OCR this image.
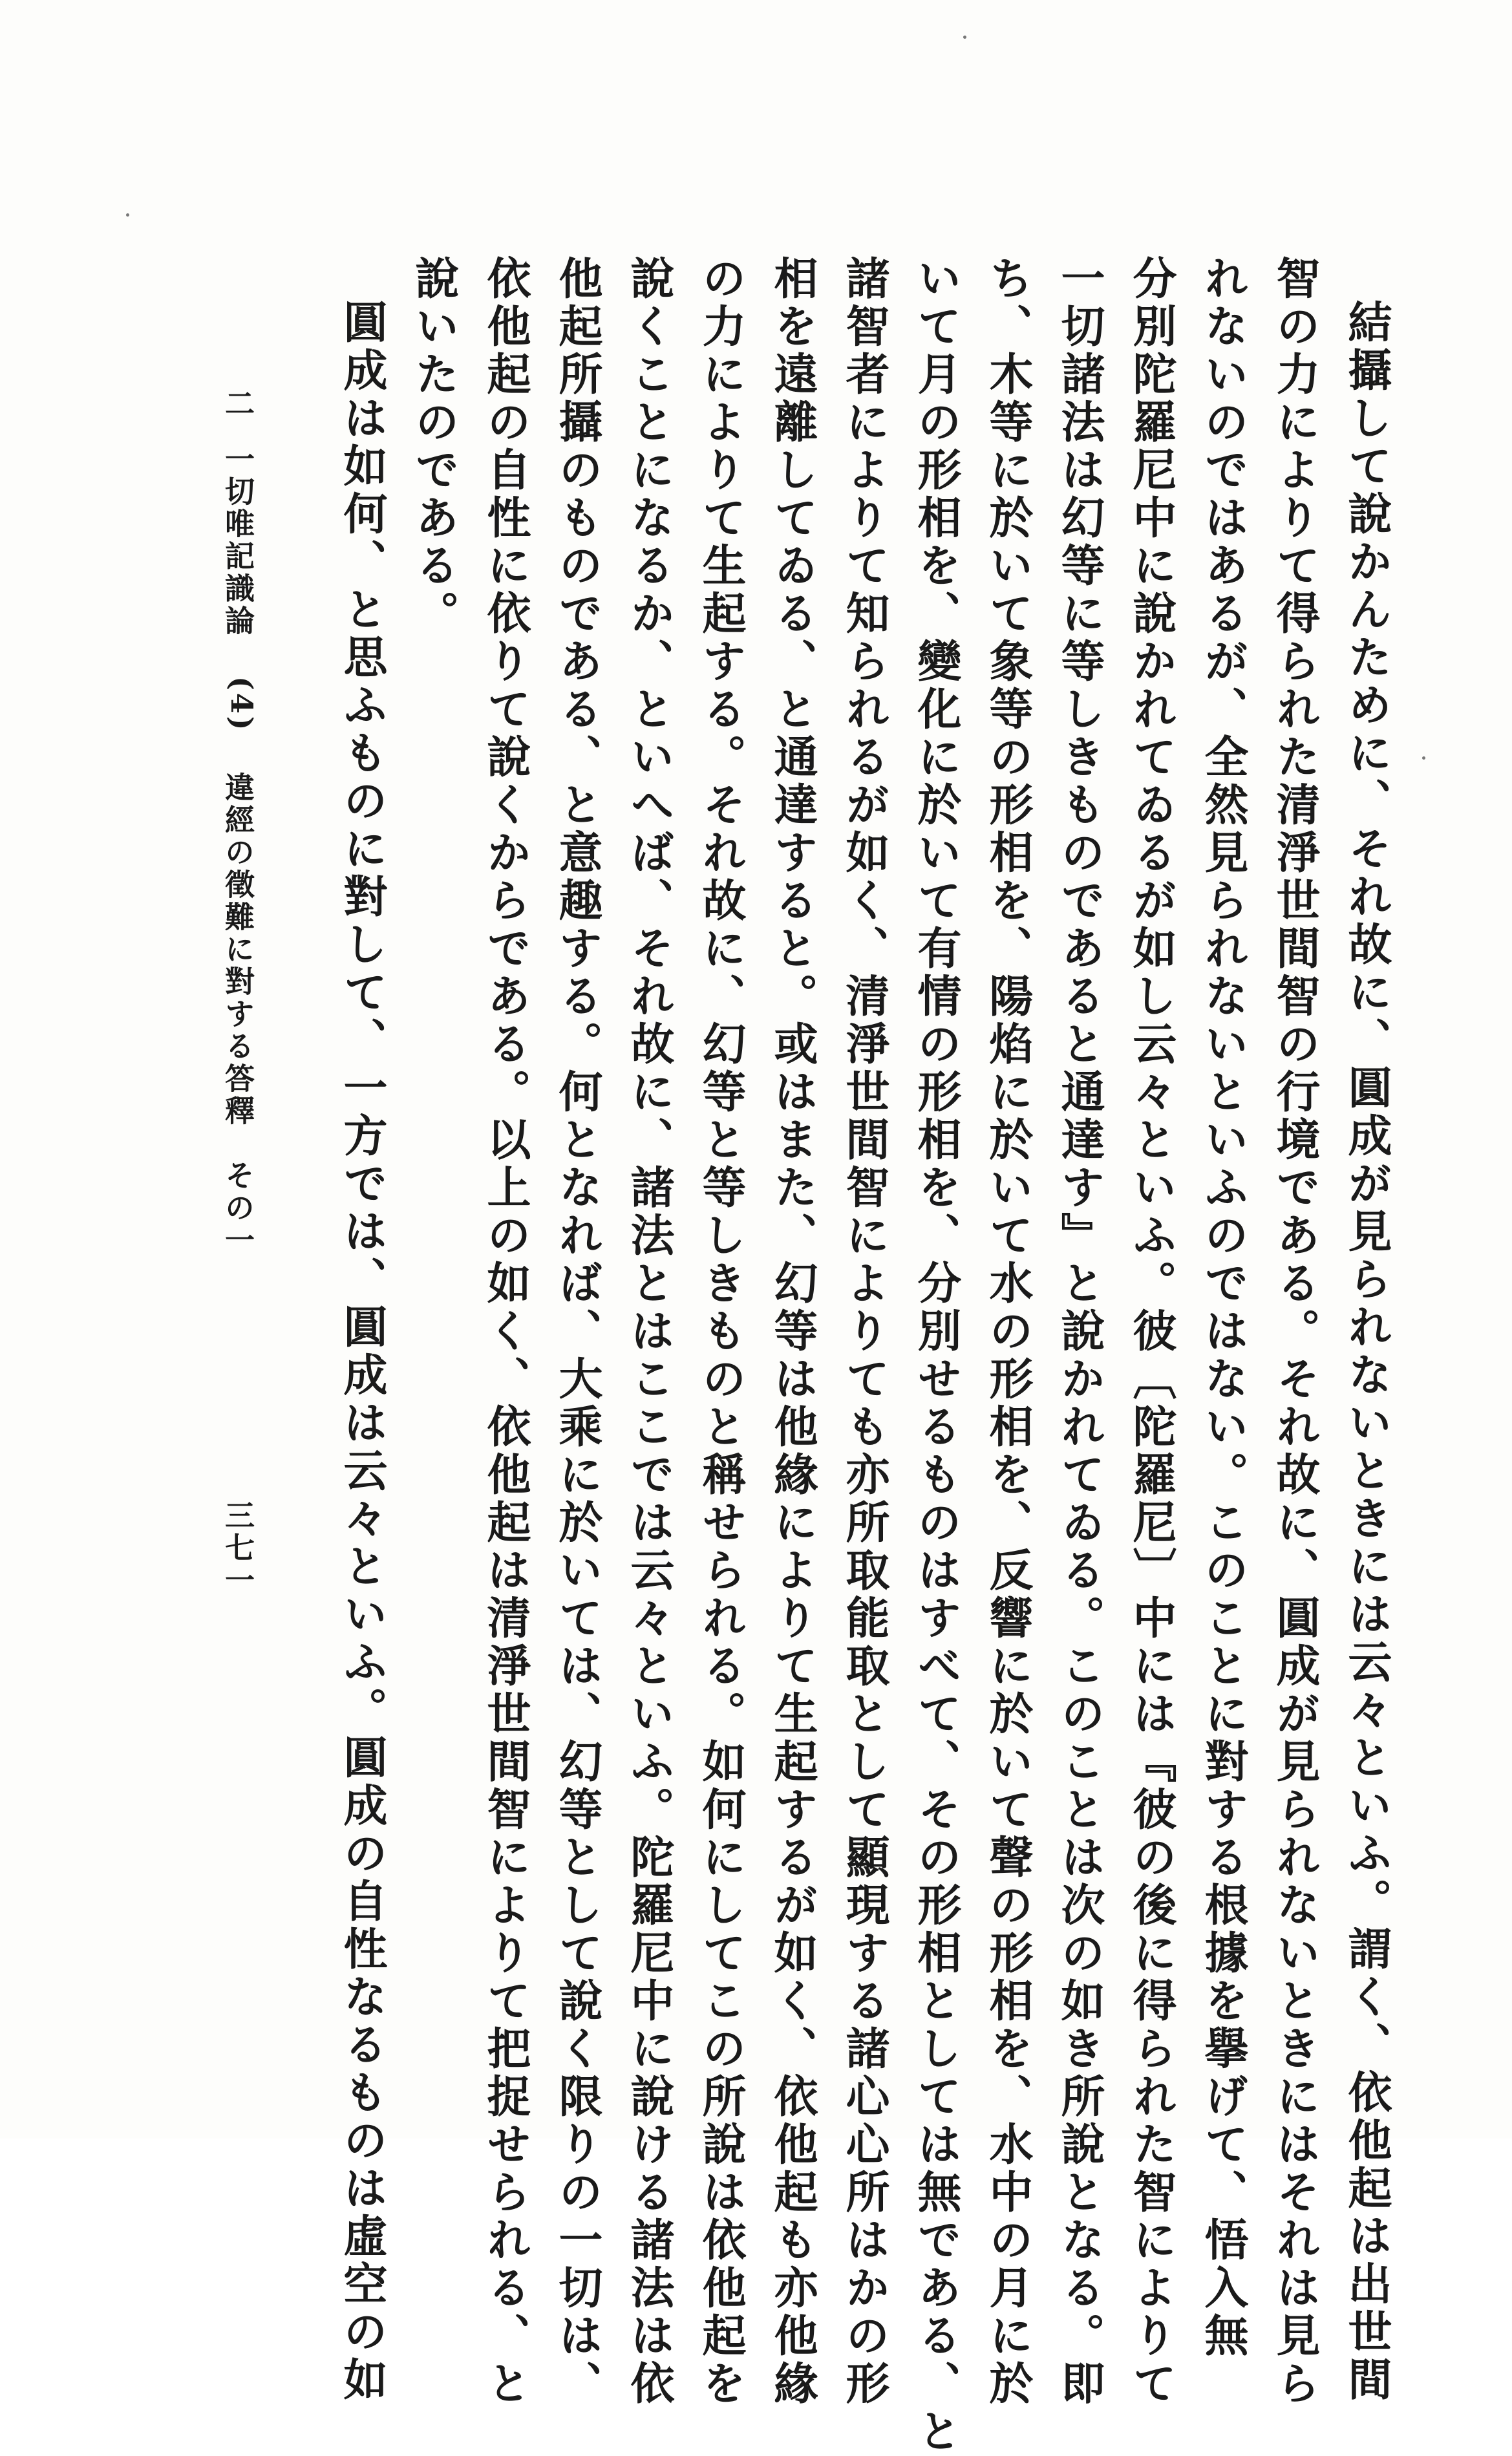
結攝して說かんために、それ故に、圓成が見られないときには云々といふ。謂く、依他起は出世間
智の力によりて得られた清淨世間智の行境である。それ故に、圓成が見られないときにはそれは見ら
れないのではあるが、全然見られないといふのではない。このことに對する根據を擧げて、悟入無
分別陀羅尼中に說かれてゐるが如し云々といふ。彼〔陀羅尼〕中には『彼の後に得られた智によりて
一切諸法は幻等に等しきものであると通達す』と說かれてゐる。このことは次の如き所說となる。即
ち、木等に於いて象等の形相を、陽焰に於いて水の形相を、反響に於いて聲の形相を、水中の月に於
いて月の形相を、變化に於いて有情の形相を、分別せるものはすべて、その形相としては無である、と
諸智者によりて知られるが如く、清淨世間智によりても亦所取能取として顯現する諸心心所はかの形
相を遠離してゐる、と通達すると。或はまた、幻等は他緣によりて生起するが如く、依他起も亦他緣
の力によりて生起する。それ故に、幻等と等しきものと稱せられる。如何にしてこの所說は依他起を
說くことになるか、といへば、それ故に、諸法とはここでは云々といふ。陀羅尼中に說ける諸法は依
他起所攝のものである、と意趣する。何となれば、大乘に於いては、幻等として說く限りの一切は、
依他起の自性に依りて說くからである。以上の如く、依他起は清淨世間智によりて把捉せられる、と
說いたのである。
圓成は如何、と思ふものに對して、一方では、圓成は云々といふ。圓成の自性なるものは虛空の如
二
一切唯記識論
(4)
違經の徵難に對する答釋　その一
三七一
